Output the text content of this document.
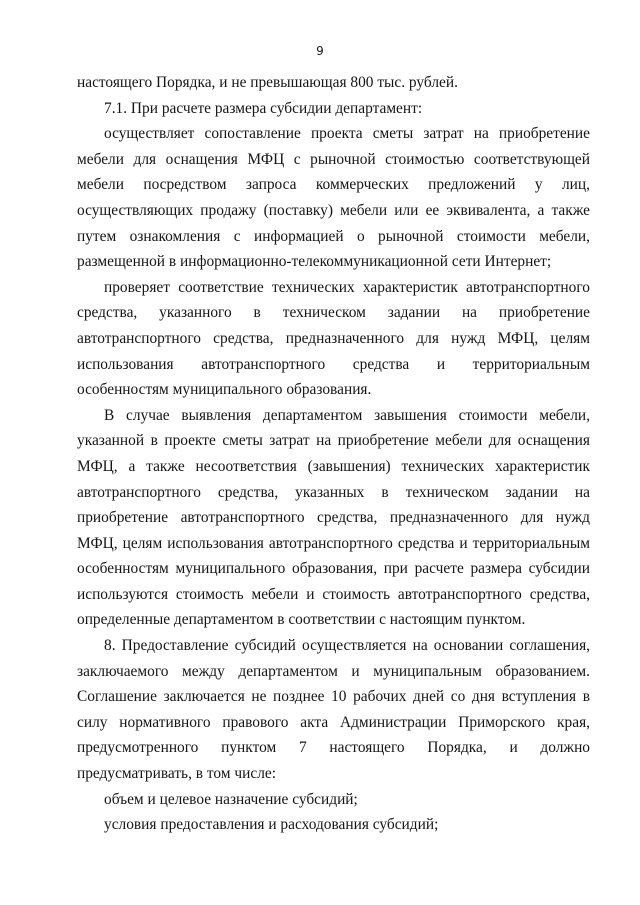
9

настоящего Порядка, и не превышающая 800 тыс. рублей.

7.1. При расчете размера субсидии департамент:

осуществляет сопоставление проекта сметы затрат на приобретение мебели для оснащения МФЦ с рыночной стоимостью соответствующей мебели посредством запроса коммерческих предложений у лиц, осуществляющих продажу (поставку) мебели или ее эквивалента, а также путем ознакомления с информацией о рыночной стоимости мебели, размещенной в информационно-телекоммуникационной сети Интернет;

проверяет соответствие технических характеристик автотранспортного средства, указанного в техническом задании на приобретение автотранспортного средства, предназначенного для нужд МФЦ, целям использования автотранспортного средства и территориальным особенностям муниципального образования.

В случае выявления департаментом завышения стоимости мебели, указанной в проекте сметы затрат на приобретение мебели для оснащения МФЦ, а также несоответствия (завышения) технических характеристик автотранспортного средства, указанных в техническом задании на приобретение автотранспортного средства, предназначенного для нужд МФЦ, целям использования автотранспортного средства и территориальным особенностям муниципального образования, при расчете размера субсидии используются стоимость мебели и стоимость автотранспортного средства, определенные департаментом в соответствии с настоящим пунктом.

8. Предоставление субсидий осуществляется на основании соглашения, заключаемого между департаментом и муниципальным образованием. Соглашение заключается не позднее 10 рабочих дней со дня вступления в силу нормативного правового акта Администрации Приморского края, предусмотренного пунктом 7 настоящего Порядка, и должно предусматривать, в том числе:

объем и целевое назначение субсидий;

условия предоставления и расходования субсидий;
